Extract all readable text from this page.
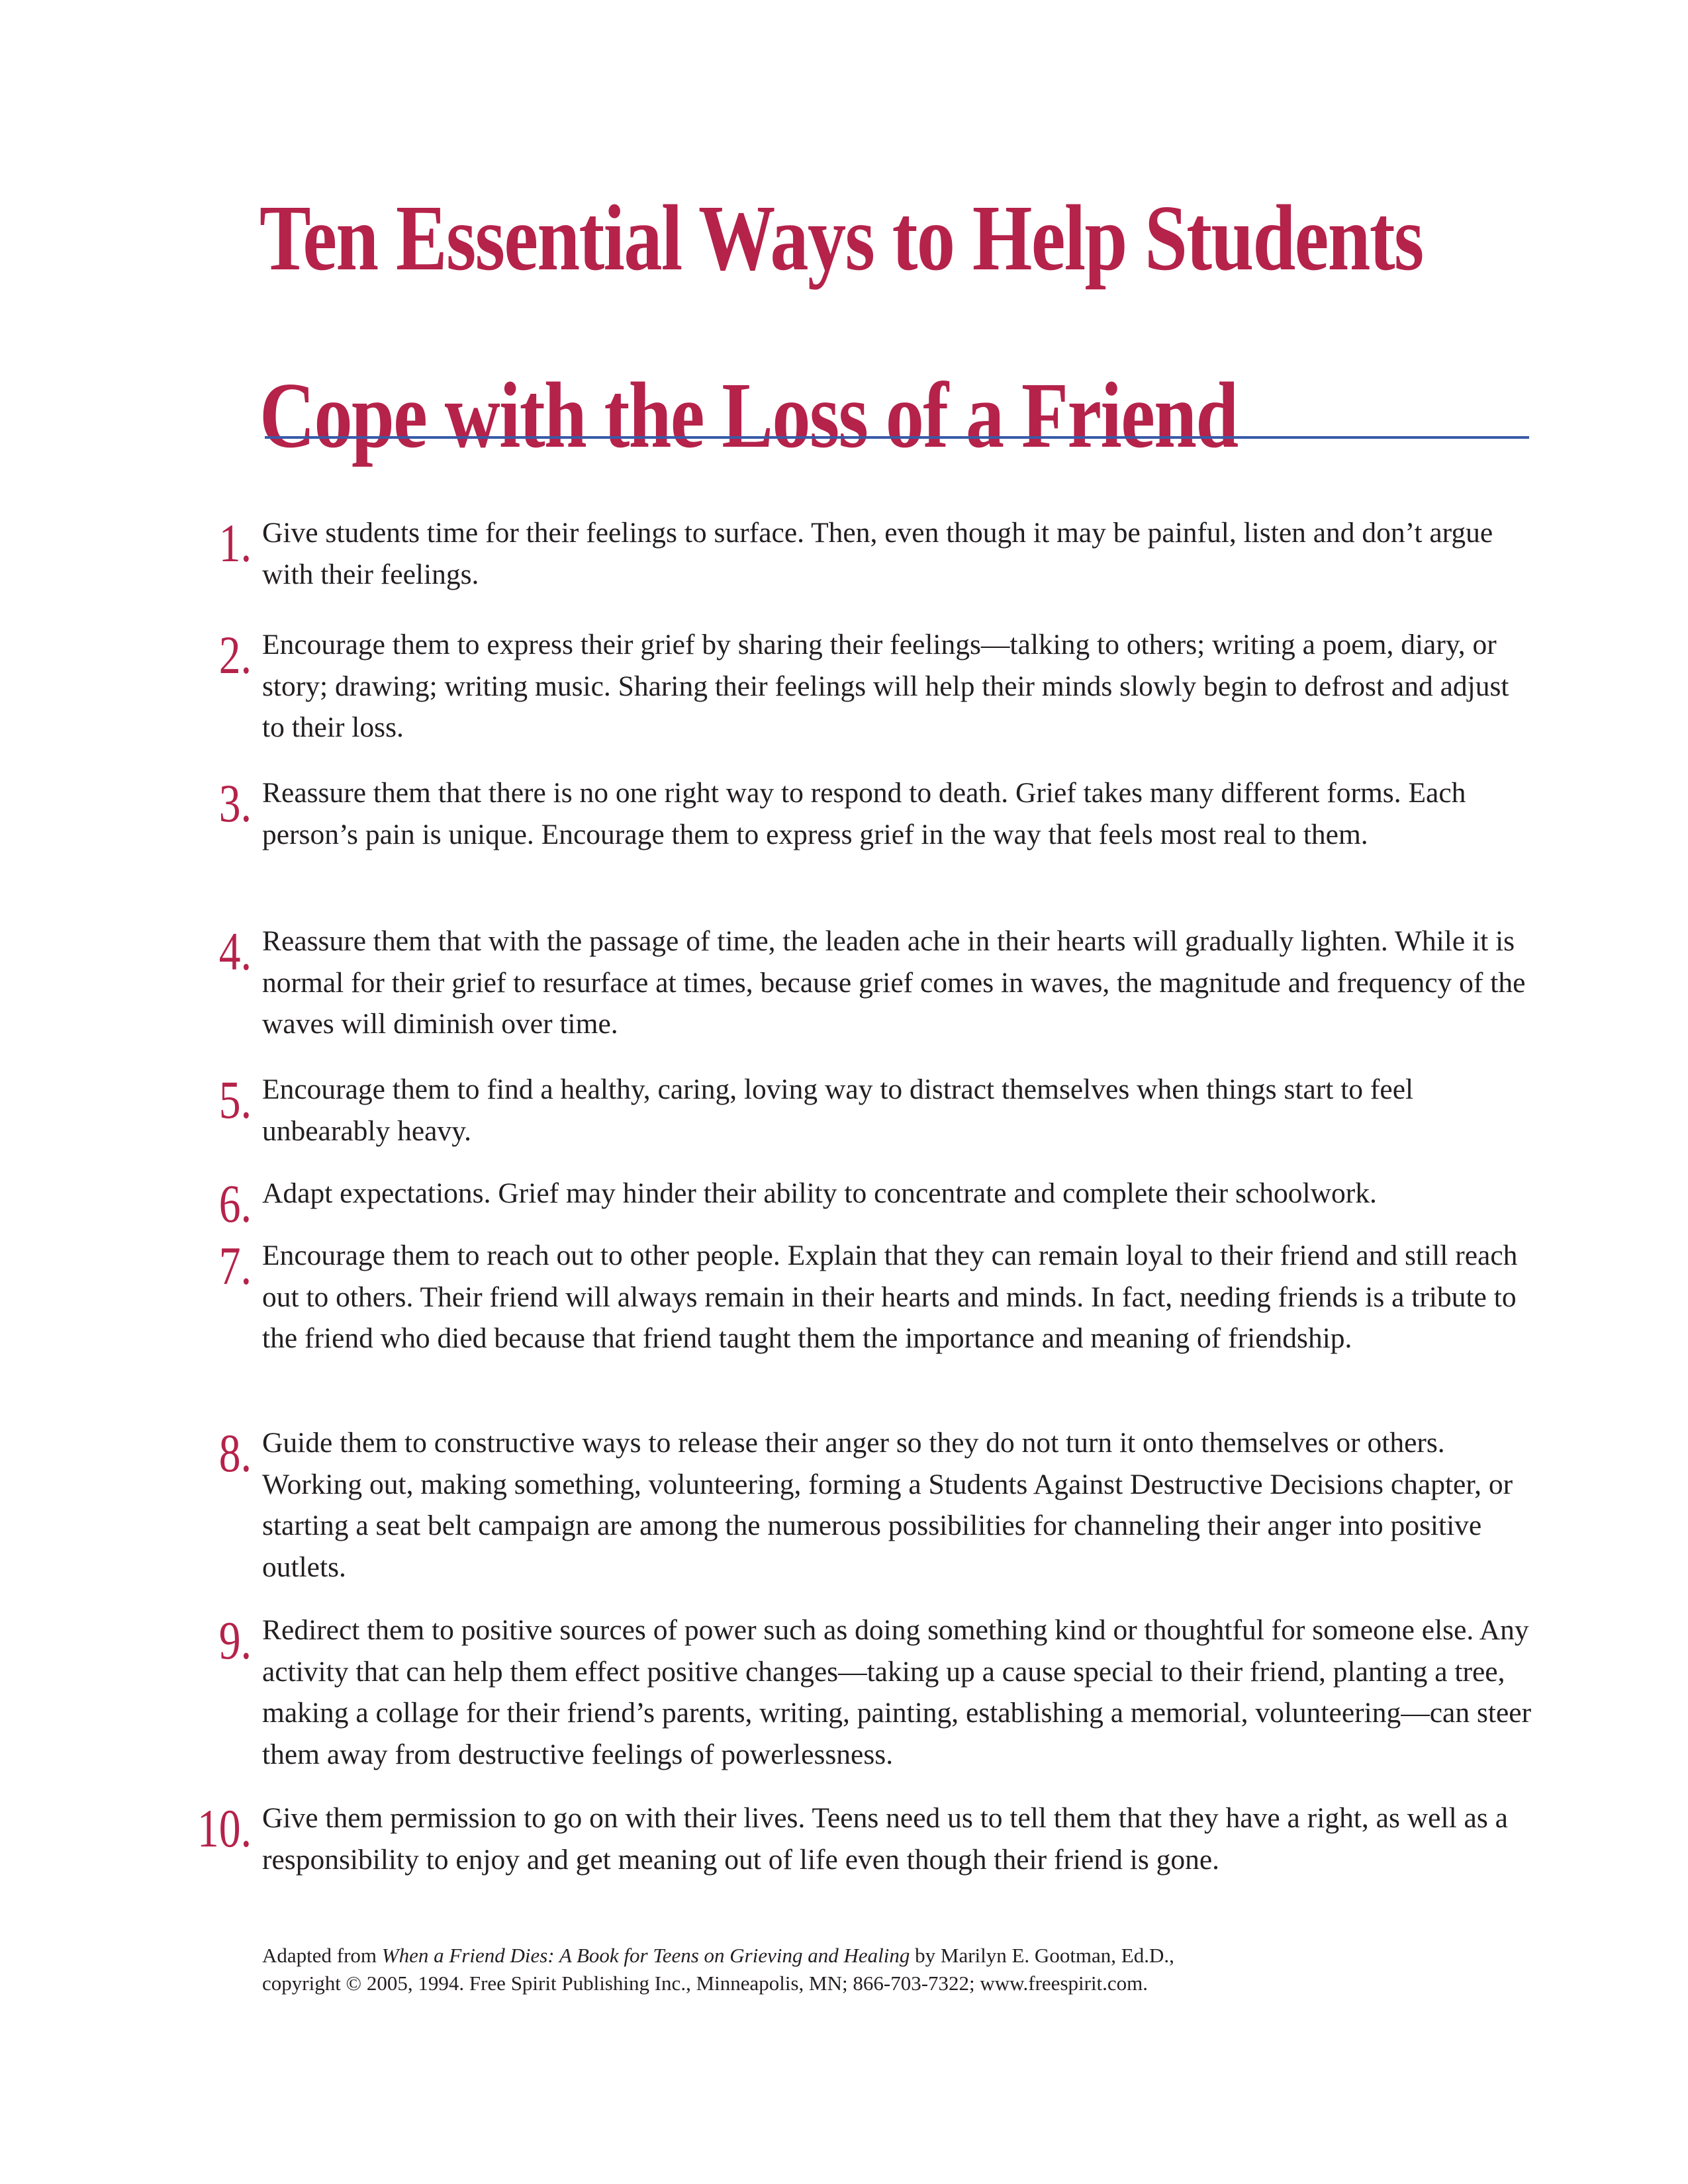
Ten Essential Ways to Help Students
Cope with the Loss of a Friend
1. Give students time for their feelings to surface. Then, even though it may be painful, listen and don’t argue with their feelings.

2. Encourage them to express their grief by sharing their feelings—talking to others; writing a poem, diary, or story; drawing; writing music. Sharing their feelings will help their minds slowly begin to defrost and adjust to their loss.

3. Reassure them that there is no one right way to respond to death. Grief takes many different forms. Each person’s pain is unique. Encourage them to express grief in the way that feels most real to them.

4. Reassure them that with the passage of time, the leaden ache in their hearts will gradually lighten. While it is normal for their grief to resurface at times, because grief comes in waves, the magnitude and frequency of the waves will diminish over time.

5. Encourage them to find a healthy, caring, loving way to distract themselves when things start to feel unbearably heavy.

6. Adapt expectations. Grief may hinder their ability to concentrate and complete their schoolwork.

7. Encourage them to reach out to other people. Explain that they can remain loyal to their friend and still reach out to others. Their friend will always remain in their hearts and minds. In fact, needing friends is a tribute to the friend who died because that friend taught them the importance and meaning of friendship.

8. Guide them to constructive ways to release their anger so they do not turn it onto themselves or others. Working out, making something, volunteering, forming a Students Against Destructive Decisions chapter, or starting a seat belt campaign are among the numerous possibilities for channeling their anger into positive outlets.

9. Redirect them to positive sources of power such as doing something kind or thoughtful for someone else. Any activity that can help them effect positive changes—taking up a cause special to their friend, planting a tree, making a collage for their friend’s parents, writing, painting, establishing a memorial, volunteering—can steer them away from destructive feelings of powerlessness.

10. Give them permission to go on with their lives. Teens need us to tell them that they have a right, as well as a responsibility to enjoy and get meaning out of life even though their friend is gone.

Adapted from When a Friend Dies: A Book for Teens on Grieving and Healing by Marilyn E. Gootman, Ed.D.,
copyright © 2005, 1994. Free Spirit Publishing Inc., Minneapolis, MN; 866-703-7322; www.freespirit.com.
